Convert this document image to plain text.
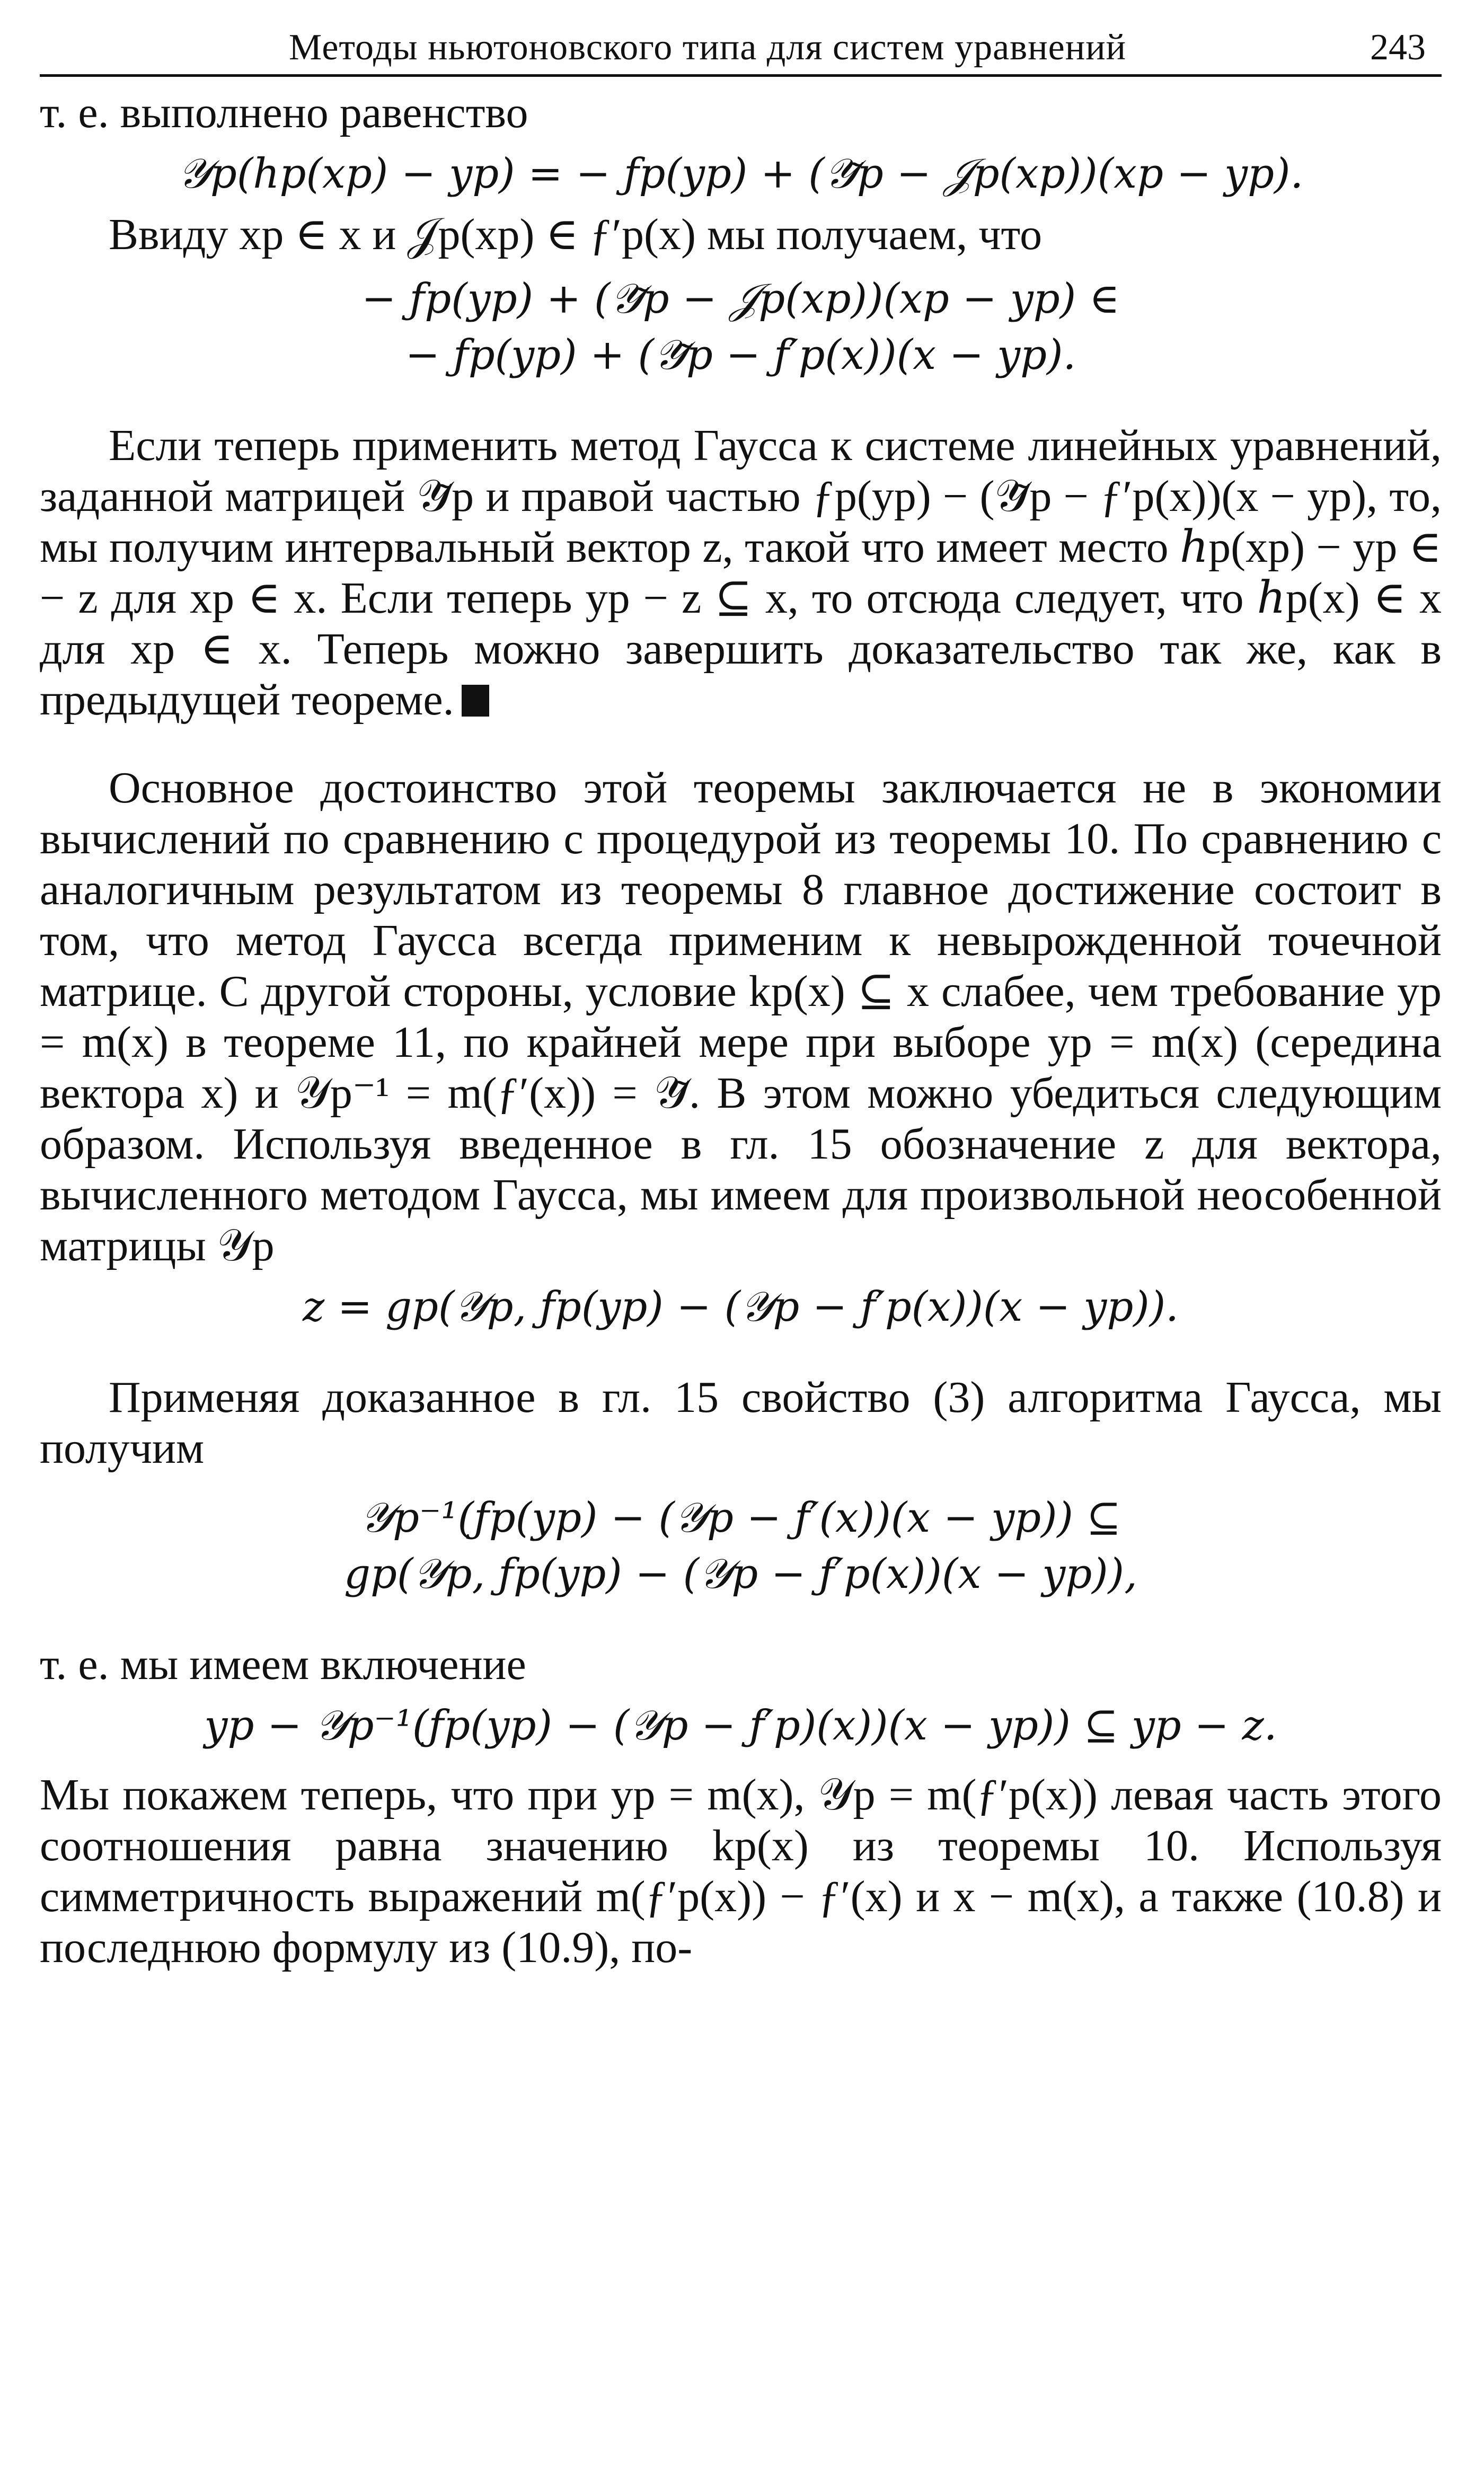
Методы ньютоновского типа для систем уравнений	243

т. е. выполнено равенство

𝒴p(ℎp(xp) − yp) = − ƒp(yp) + (𝒴̃p − 𝒥p(xp))(xp − yp).

Ввиду xp ∈ x и 𝒥p(xp) ∈ ƒ′p(x) мы получаем, что

− ƒp(yp) + (𝒴̃p − 𝒥p(xp))(xp − yp) ∈
− ƒp(yp) + (𝒴̃p − ƒ′p(x))(x − yp).

Если теперь применить метод Гаусса к системе линейных уравнений, заданной матрицей 𝒴̃p и правой частью ƒp(yp) − (𝒴̃p − ƒ′p(x))(x − yp), то, мы получим интервальный вектор z, такой что имеет место ℎp(xp) − yp ∈ − z для xp ∈ x. Если теперь yp − z ⊆ x, то отсюда следует, что ℎp(x) ∈ x для xp ∈ x. Теперь можно завершить доказательство так же, как в предыдущей теореме.

Основное достоинство этой теоремы заключается не в экономии вычислений по сравнению с процедурой из теоремы 10. По сравнению с аналогичным результатом из теоремы 8 главное достижение состоит в том, что метод Гаусса всегда применим к невырожденной точечной матрице. С другой стороны, условие kp(x) ⊆ x слабее, чем требование yp = m(x) в теореме 11, по крайней мере при выборе yp = m(x) (середина вектора x) и 𝒴p⁻¹ = m(ƒ′(x)) = 𝒴̃. В этом можно убедиться следующим образом. Используя введенное в гл. 15 обозначение z для вектора, вычисленного методом Гаусса, мы имеем для произвольной неособенной матрицы 𝒴p

z = gp(𝒴p, ƒp(yp) − (𝒴p − ƒ′p(x))(x − yp)).

Применяя доказанное в гл. 15 свойство (3) алгоритма Гаусса, мы получим

𝒴p⁻¹(ƒp(yp) − (𝒴p − ƒ′(x))(x − yp)) ⊆
gp(𝒴p, ƒp(yp) − (𝒴p − ƒ′p(x))(x − yp)),

т. е. мы имеем включение

yp − 𝒴p⁻¹(ƒp(yp) − (𝒴p − ƒ′p)(x))(x − yp)) ⊆ yp − z.

Мы покажем теперь, что при yp = m(x), 𝒴p = m(ƒ′p(x)) левая часть этого соотношения равна значению kp(x) из теоремы 10. Используя симметричность выражений m(ƒ′p(x)) − ƒ′(x) и x − m(x), а также (10.8) и последнюю формулу из (10.9), по-
